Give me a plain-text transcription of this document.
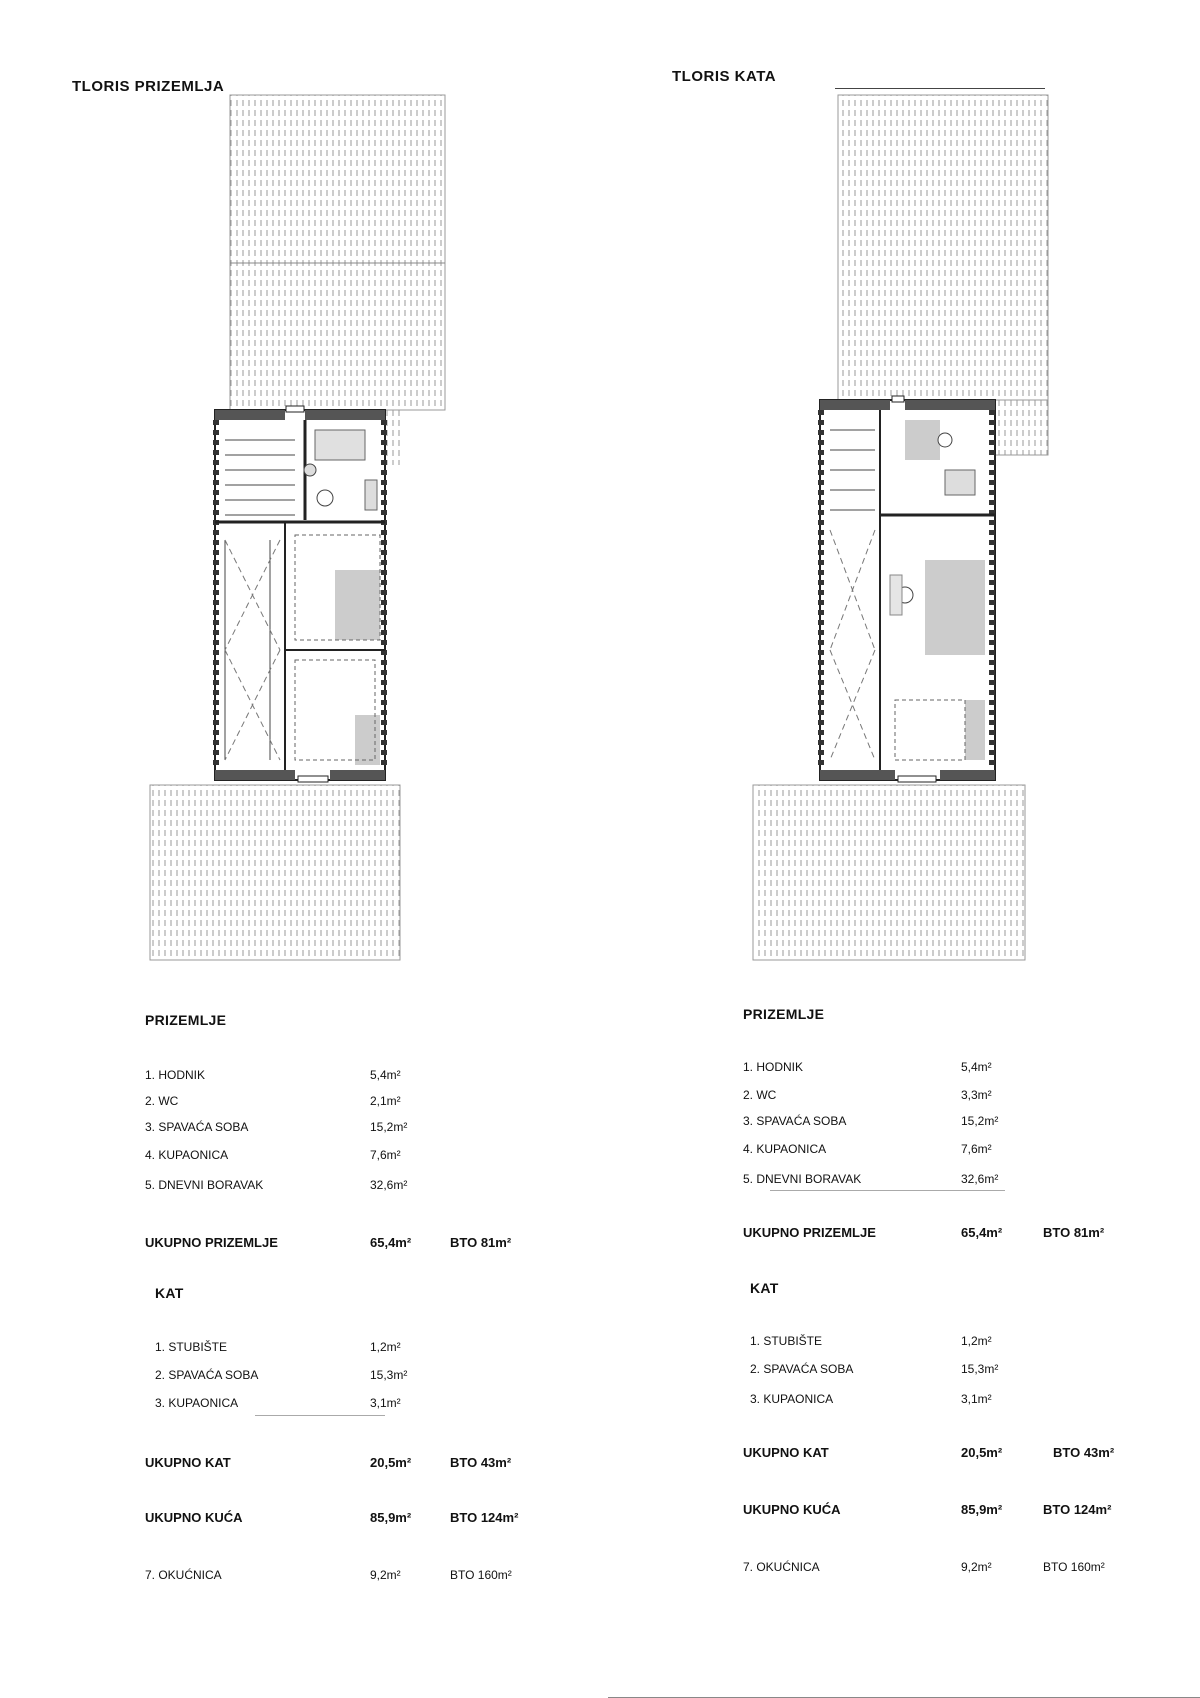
TLORIS PRIZEMLJA
PRIZEMLJE
1. HODNIK	5,4m²
2. WC	2,1m²
3. SPAVAĆA SOBA	15,2m²
4. KUPAONICA	7,6m²
5. DNEVNI BORAVAK	32,6m²
UKUPNO PRIZEMLJE	65,4m²	BTO 81m²
KAT
1. STUBIŠTE	1,2m²
2. SPAVAĆA SOBA	15,3m²
3. KUPAONICA	3,1m²
UKUPNO KAT	20,5m²	BTO 43m²
UKUPNO KUĆA	85,9m²	BTO 124m²
7. OKUĆNICA	9,2m²	BTO 160m²
TLORIS KATA
PRIZEMLJE
1. HODNIK	5,4m²
2. WC	3,3m²
3. SPAVAĆA SOBA	15,2m²
4. KUPAONICA	7,6m²
5. DNEVNI BORAVAK	32,6m²
UKUPNO PRIZEMLJE	65,4m²	BTO 81m²
KAT
1. STUBIŠTE	1,2m²
2. SPAVAĆA SOBA	15,3m²
3. KUPAONICA	3,1m²
UKUPNO KAT	20,5m²	BTO 43m²
UKUPNO KUĆA	85,9m²	BTO 124m²
7. OKUĆNICA	9,2m²	BTO 160m²
